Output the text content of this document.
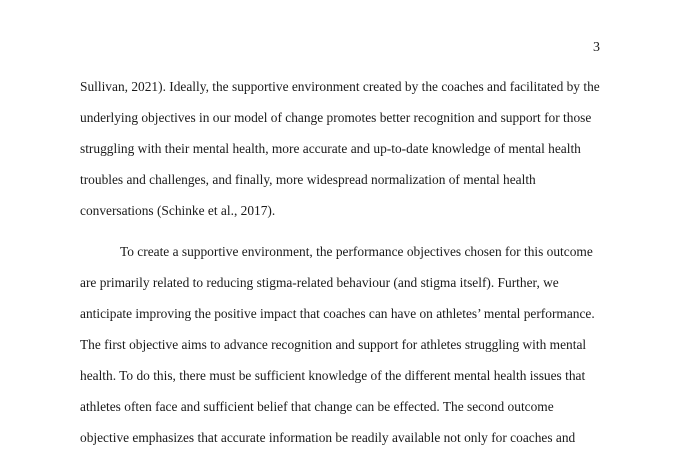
3
Sullivan, 2021). Ideally, the supportive environment created by the coaches and facilitated by the
underlying objectives in our model of change promotes better recognition and support for those
struggling with their mental health, more accurate and up-to-date knowledge of mental health
troubles and challenges, and finally, more widespread normalization of mental health
conversations (Schinke et al., 2017).
To create a supportive environment, the performance objectives chosen for this outcome
are primarily related to reducing stigma-related behaviour (and stigma itself). Further, we
anticipate improving the positive impact that coaches can have on athletes’ mental performance.
The first objective aims to advance recognition and support for athletes struggling with mental
health. To do this, there must be sufficient knowledge of the different mental health issues that
athletes often face and sufficient belief that change can be effected. The second outcome
objective emphasizes that accurate information be readily available not only for coaches and
